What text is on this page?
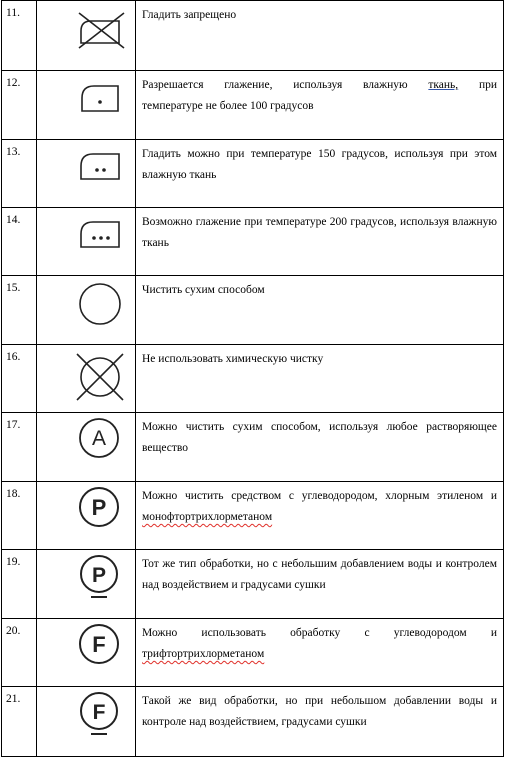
11.		Гладить запрещено
12.		Разрешается глажение, используя влажную ткань, при
температуре не более 100 градусов

13.		Гладить можно при температуре 150 градусов, используя при этом влажную ткань
14.		Возможно глажение при температуре 200 градусов, используя влажную ткань
15.		Чистить сухим способом
16.		Не использовать химическую чистку
17.	A	Можно чистить сухим способом, используя любое растворяющее вещество
18.	P	Можно чистить средством с углеводородом, хлорным этиленом и
монофтортрихлорметаном

19.	P	Тот же тип обработки, но с небольшим добавлением воды и контролем над воздействием и градусами сушки
20.	F	Можно использовать обработку с углеводородом и
трифтортрихлорметаном

21.	F	Такой же вид обработки, но при небольшом добавлении воды и контроле над воздействием, градусами сушки
